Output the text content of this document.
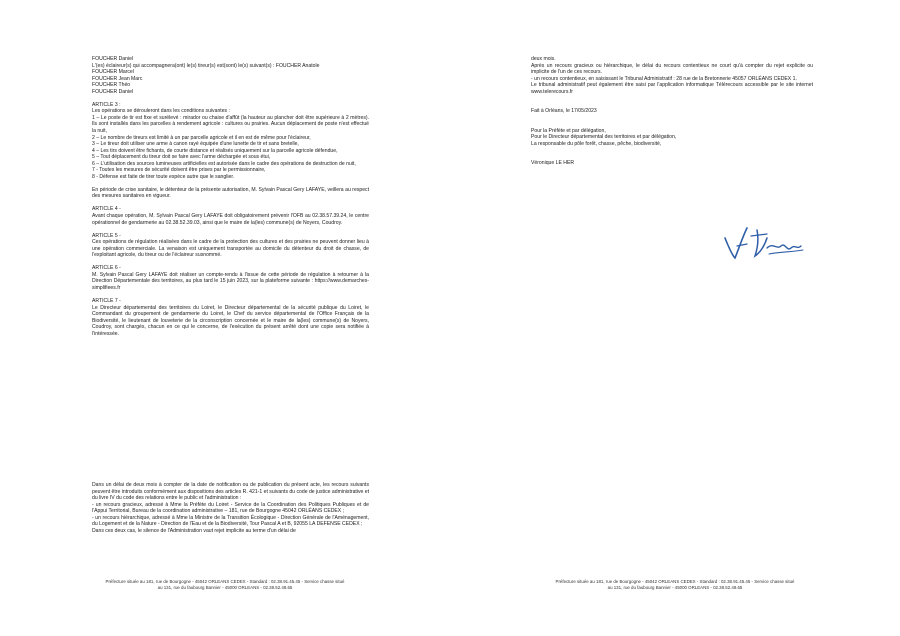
FOUCHER Daniel

L'(es) éclaireur(s) qui accompagnera(ont) le(s) tireur(s) est(sont) le(s) suivant(s) : FOUCHER Anatole

FOUCHER Marcel

FOUCHER Jean Marc

FOUCHER Théo

FOUCHER Daniel

ARTICLE 3 :

Les opérations se dérouleront dans les conditions suivantes :

1 – Le poste de tir est fixe et surélevé : mirador ou chaise d'affût (la hauteur au plancher doit être supérieure à 2 mètres). Ils sont installés dans les parcelles à rendement agricole : cultures ou prairies. Aucun déplacement de poste n'est effectué la nuit,

2 – Le nombre de tireurs est limité à un par parcelle agricole et il en est de même pour l'éclaireur,

3 – Le tireur doit utiliser une arme à canon rayé équipée d'une lunette de tir et sans bretelle,

4 – Les tirs doivent être fichants, de courte distance et réalisés uniquement sur la parcelle agricole défendue,

5 – Tout déplacement du tireur doit se faire avec l'arme déchargée et sous étui,

6 – L'utilisation des sources lumineuses artificielles est autorisée dans le cadre des opérations de destruction de nuit,

7 - Toutes les mesures de sécurité doivent être prises par le permissionnaire,

8 - Défense est faite de tirer toute espèce autre que le sanglier.

En période de crise sanitaire, le détenteur de la présente autorisation, M. Sylvain Pascal Gery LAFAYE, veillera au respect des mesures sanitaires en vigueur.

ARTICLE 4 -

Avant chaque opération, M. Sylvain Pascal Gery LAFAYE doit obligatoirement prévenir l'OFB au 02.38.57.39.24, le centre opérationnel de gendarmerie au 02.38.52.39.03, ainsi que le maire de la(les) commune(s) de Noyers, Coudroy.

ARTICLE 5 -

Ces opérations de régulation réalisées dans le cadre de la protection des cultures et des prairies ne peuvent donner lieu à une opération commerciale. La venaison est uniquement transportée au domicile du détenteur du droit de chasse, de l'exploitant agricole, du tireur ou de l'éclaireur susnommé.

ARTICLE 6 -

M. Sylvain Pascal Gery LAFAYE doit réaliser un compte-rendu à l'issue de cette période de régulation à retourner à la Direction Départementale des territoires, au plus tard le 15 juin 2023, sur la plateforme suivante : https://www.demarches-simplifiees.fr

ARTICLE 7 -

Le Directeur départemental des territoires du Loiret, le Directeur départemental de la sécurité publique du Loiret, le Commandant du groupement de gendarmerie du Loiret, le Chef du service départemental de l'Office Français de la Biodiversité, le lieutenant de louveterie de la circonscription concernée et le maire de la(les) commune(s) de Noyers, Coudroy, sont chargés, chacun en ce qui le concerne, de l'exécution du présent arrêté dont une copie sera notifiée à l'intéressée.

Dans un délai de deux mois à compter de la date de notification ou de publication du présent acte, les recours suivants peuvent être introduits conformément aux dispositions des articles R. 421-1 et suivants du code de justice administrative et du livre IV du code des relations entre le public et l'administration :

- un recours gracieux, adressé à Mme la Préfète du Loiret - Service de la Coordination des Politiques Publiques et de l'Appui Territorial, Bureau de la coordination administrative – 181, rue de Bourgogne 45042 ORLÉANS CEDEX ;

- un recours hiérarchique, adressé à Mme la Ministre de la Transition Écologique - Direction Générale de l'Aménagement, du Logement et de la Nature - Direction de l'Eau et de la Biodiversité, Tour Pascal A et B, 92055 LA DEFENSE CEDEX ;

Dans ces deux cas, le silence de l'Administration vaut rejet implicite au terme d'un délai de

Préfecture située au 181, rue de Bourgogne - 45042 ORLEANS CEDEX - Standard : 02.38.91.45.45 - Service chasse situé
au 131, rue du faubourg Bannier - 45000 ORLEANS - 02.38.52.48.65

deux mois.

Après un recours gracieux ou hiérarchique, le délai du recours contentieux ne court qu'à compter du rejet explicite ou implicite de l'un de ces recours.

- un recours contentieux, en saisissant le Tribunal Administratif : 28 rue de la Bretonnerie 45057 ORLÉANS CEDEX 1.

Le tribunal administratif peut également être saisi par l'application informatique Télérecours accessible par le site internet www.telerecours.fr

Fait à Orléans, le 17/05/2023

Pour la Préfète et par délégation,

Pour le Directeur départemental des territoires et par délégation,

La responsable du pôle forêt, chasse, pêche, biodiversité,

Véronique LE HER

Préfecture située au 181, rue de Bourgogne - 45042 ORLEANS CEDEX - Standard : 02.38.91.45.45 - Service chasse situé
au 131, rue du faubourg Bannier - 45000 ORLEANS - 02.38.52.48.65
